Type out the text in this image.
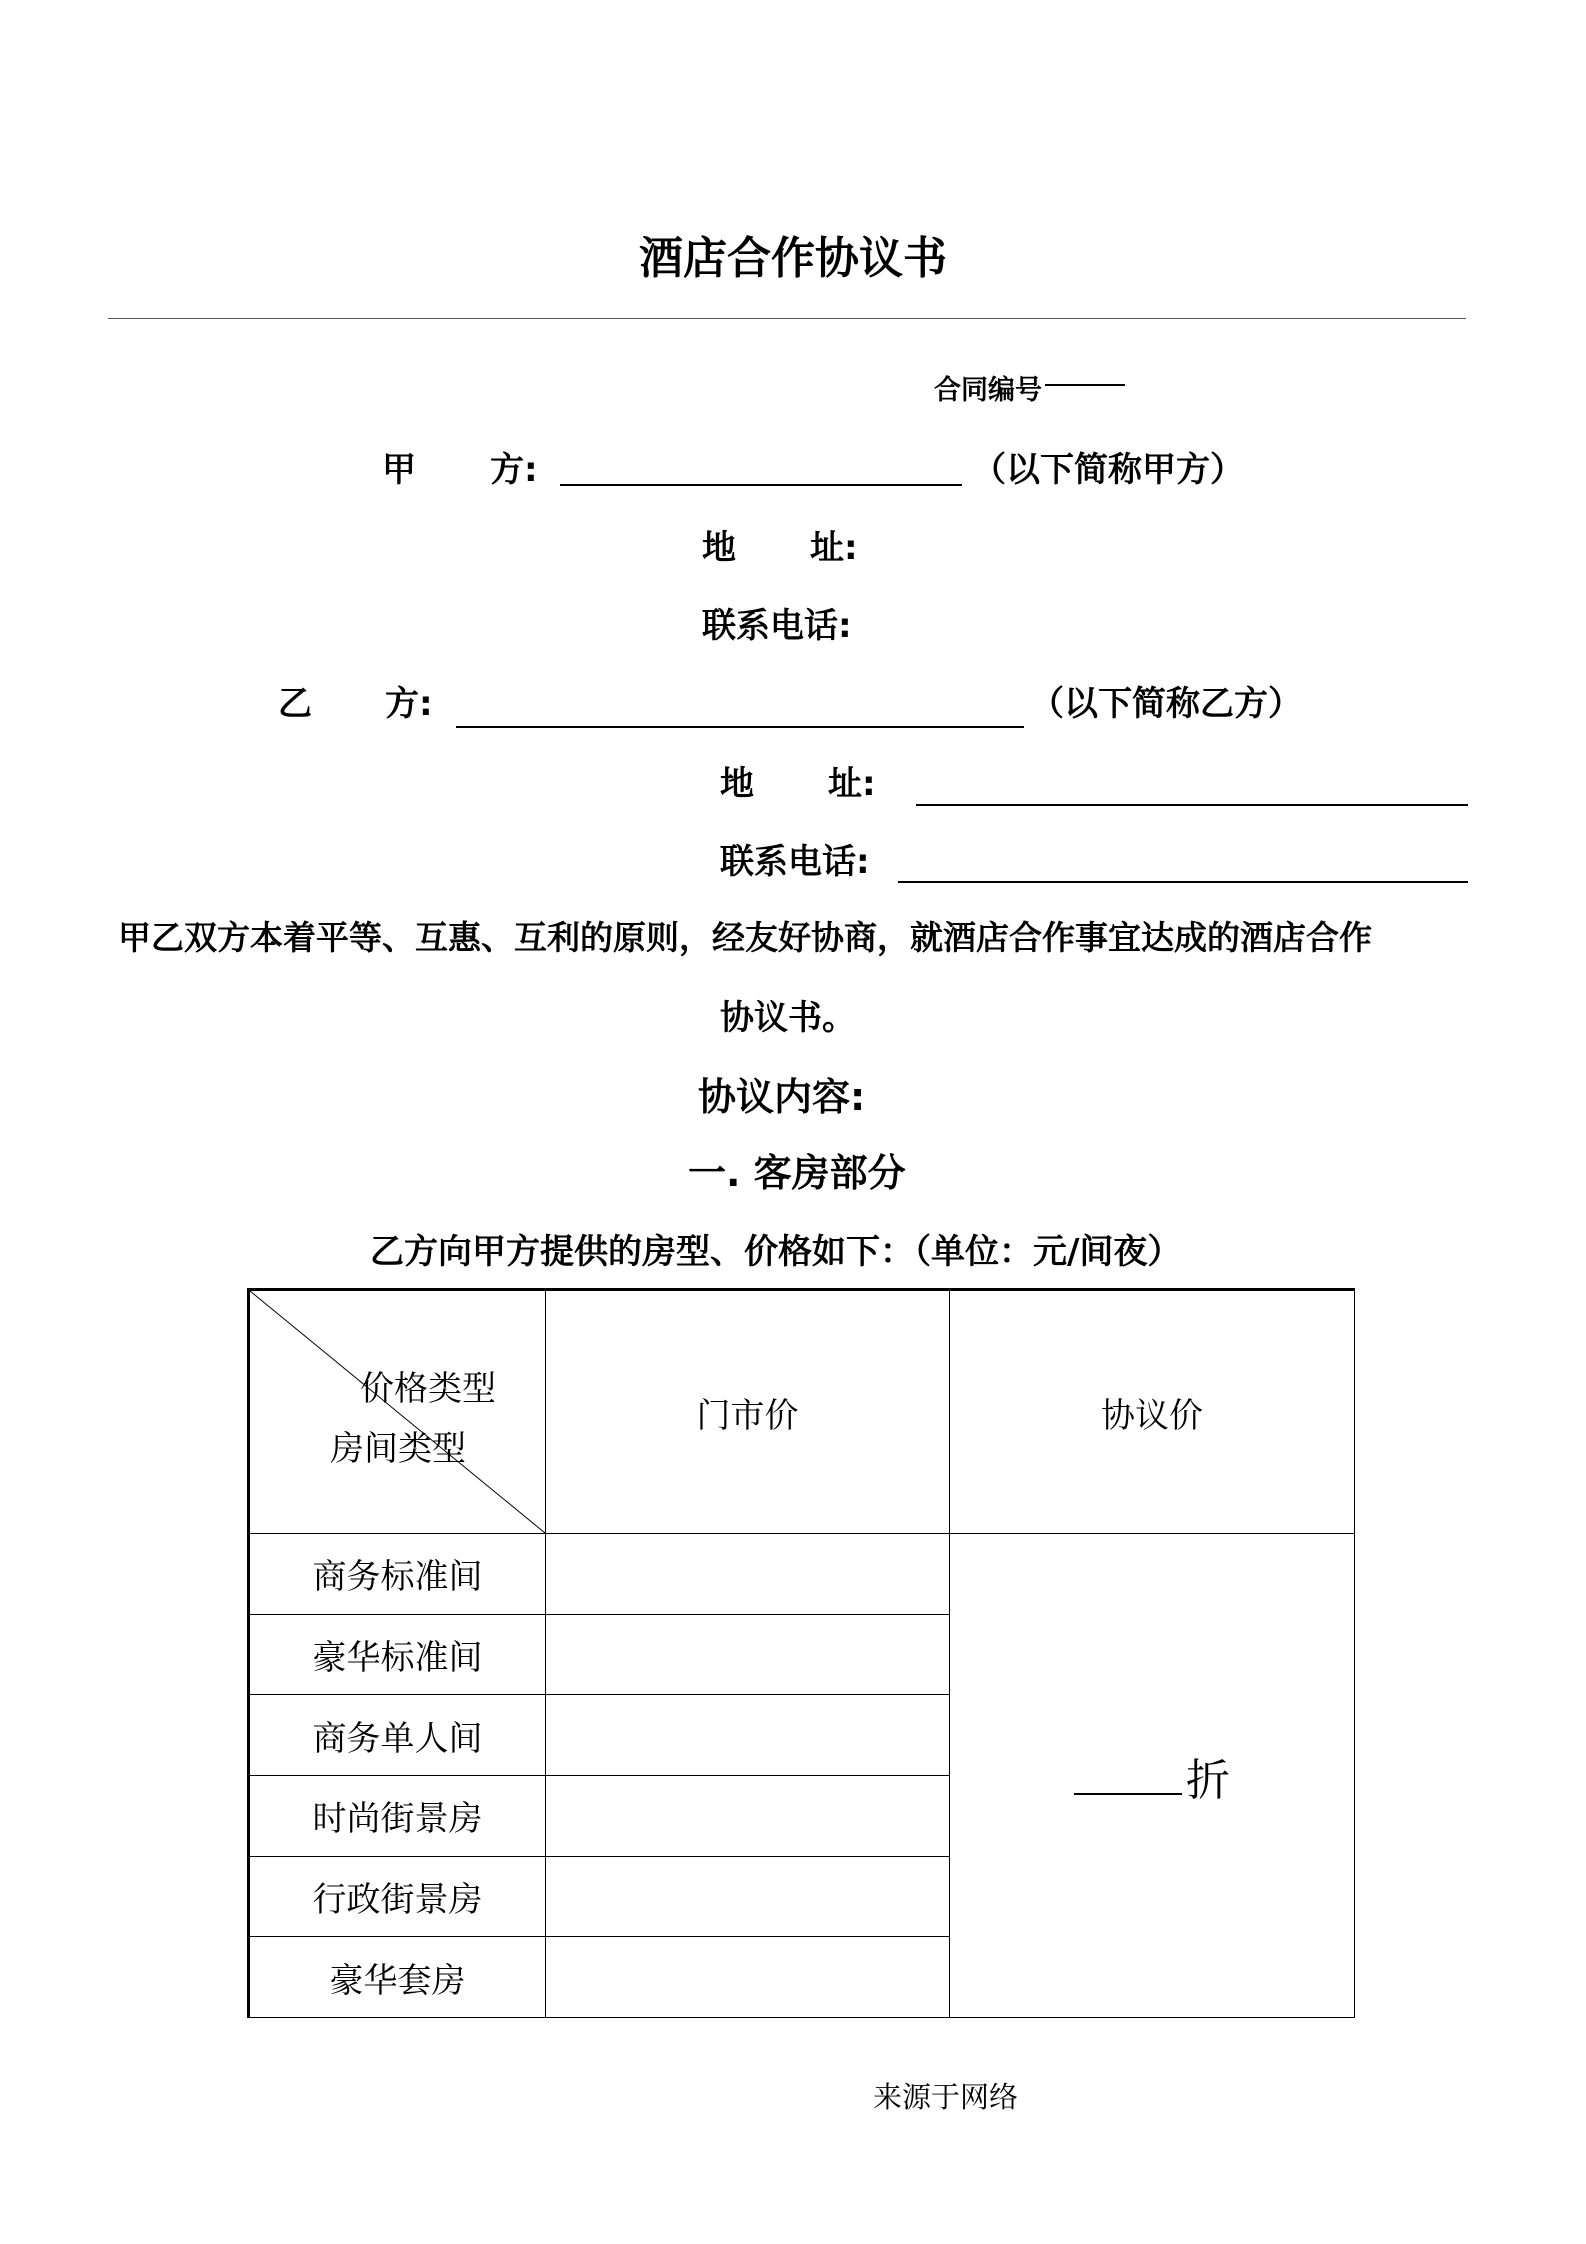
酒店合作协议书
合同编号
甲 方:	（以下简称甲方）
地 址:
联系电话:
乙 方:	（以下简称乙方）
地 址:
联系电话:
甲乙双方本着平等、互惠、互利的原则，经友好协商，就酒店合作事宜达成的酒店合作
协议书。
协议内容:
一. 客房部分
乙方向甲方提供的房型、价格如下：（单位：元/间夜）
价格类型
房间类型	门市价	协议价
商务标准间		折
豪华标准间		
商务单人间		
时尚街景房		
行政街景房		
豪华套房		
来源于网络
